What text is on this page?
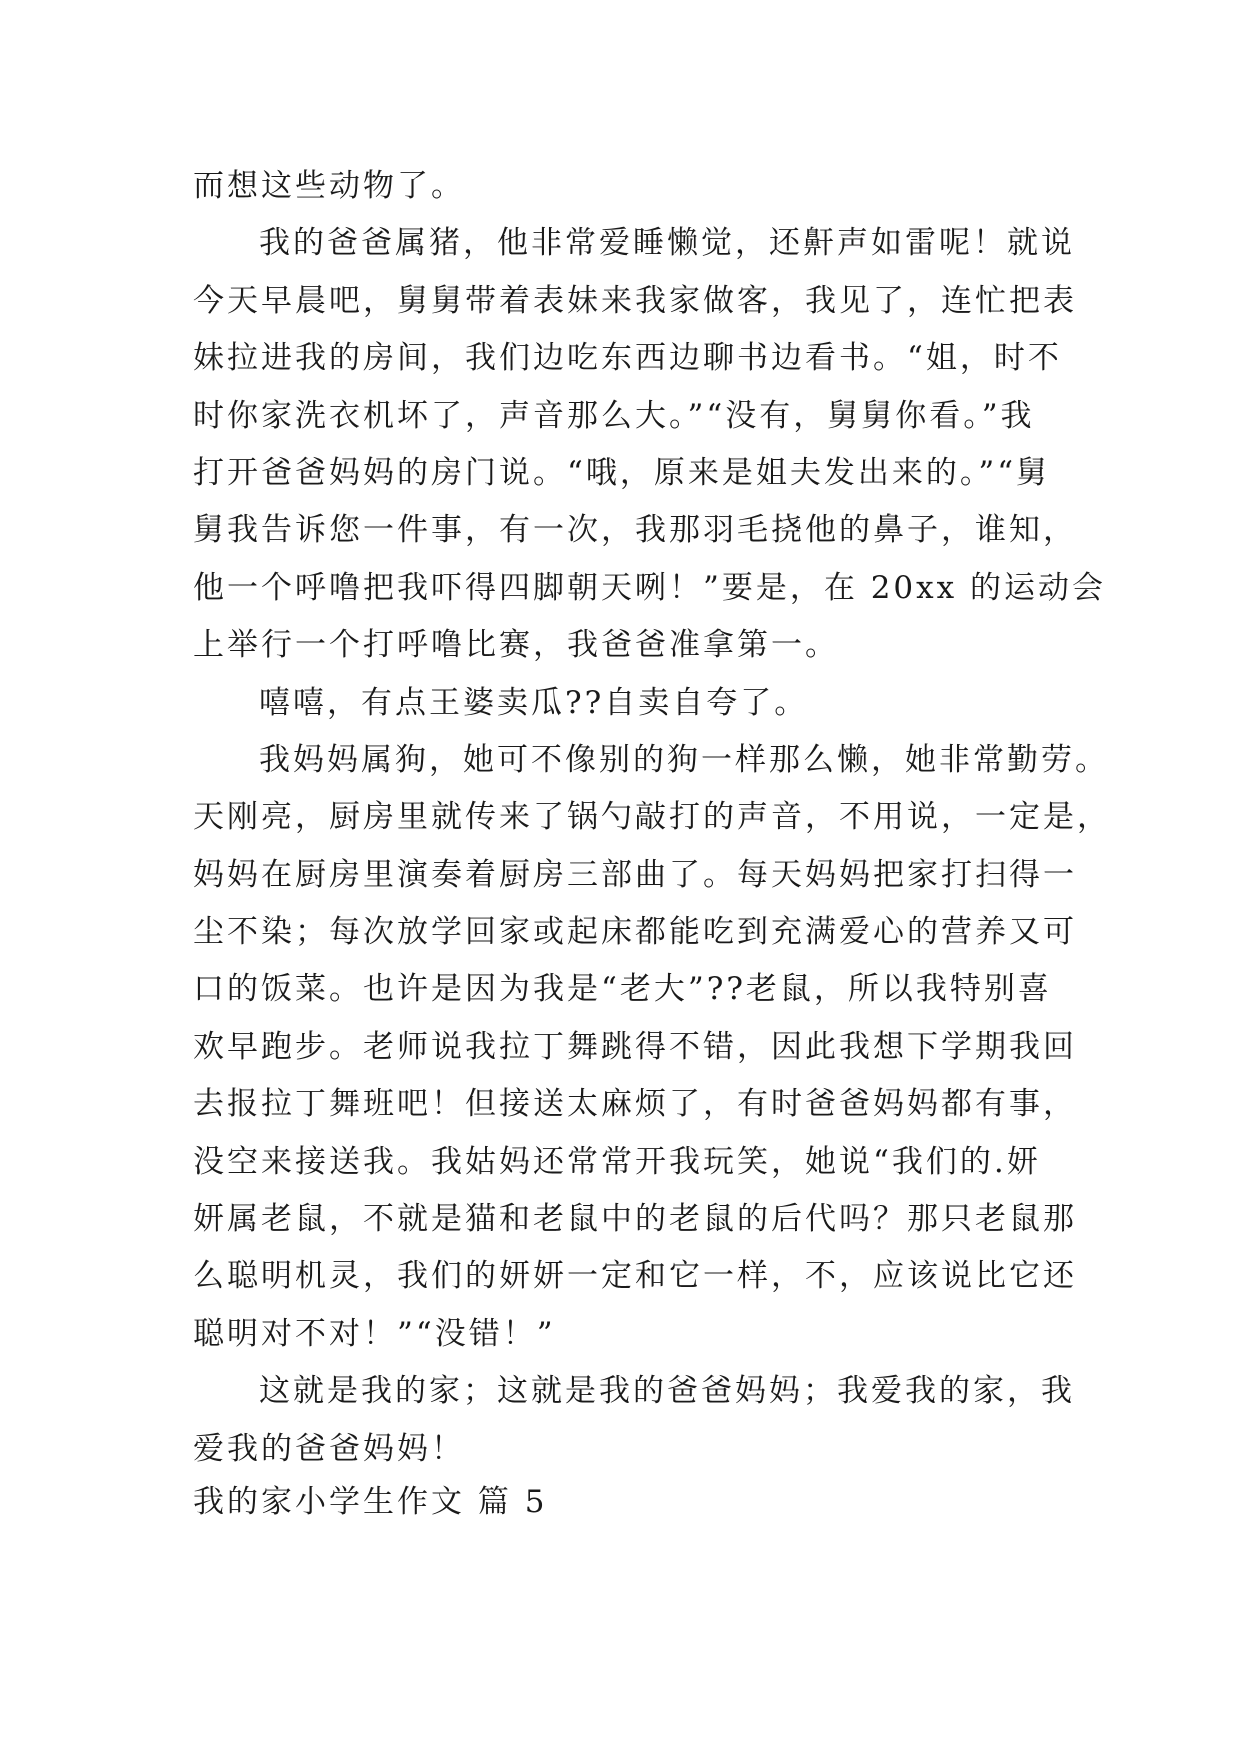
而想这些动物了。
我的爸爸属猪，他非常爱睡懒觉，还鼾声如雷呢！就说
今天早晨吧，舅舅带着表妹来我家做客，我见了，连忙把表
妹拉进我的房间，我们边吃东西边聊书边看书。“姐，时不
时你家洗衣机坏了，声音那么大。”“没有，舅舅你看。”我
打开爸爸妈妈的房门说。“哦，原来是姐夫发出来的。”“舅
舅我告诉您一件事，有一次，我那羽毛挠他的鼻子，谁知，
他一个呼噜把我吓得四脚朝天咧！”要是，在 20xx 的运动会
上举行一个打呼噜比赛，我爸爸准拿第一。
嘻嘻，有点王婆卖瓜??自卖自夸了。
我妈妈属狗，她可不像别的狗一样那么懒，她非常勤劳。
天刚亮，厨房里就传来了锅勺敲打的声音，不用说，一定是，
妈妈在厨房里演奏着厨房三部曲了。每天妈妈把家打扫得一
尘不染；每次放学回家或起床都能吃到充满爱心的营养又可
口的饭菜。也许是因为我是“老大”??老鼠，所以我特别喜
欢早跑步。老师说我拉丁舞跳得不错，因此我想下学期我回
去报拉丁舞班吧！但接送太麻烦了，有时爸爸妈妈都有事，
没空来接送我。我姑妈还常常开我玩笑，她说“我们的.妍
妍属老鼠，不就是猫和老鼠中的老鼠的后代吗？那只老鼠那
么聪明机灵，我们的妍妍一定和它一样，不，应该说比它还
聪明对不对！”“没错！”
这就是我的家；这就是我的爸爸妈妈；我爱我的家，我
爱我的爸爸妈妈！
我的家小学生作文 篇 5
